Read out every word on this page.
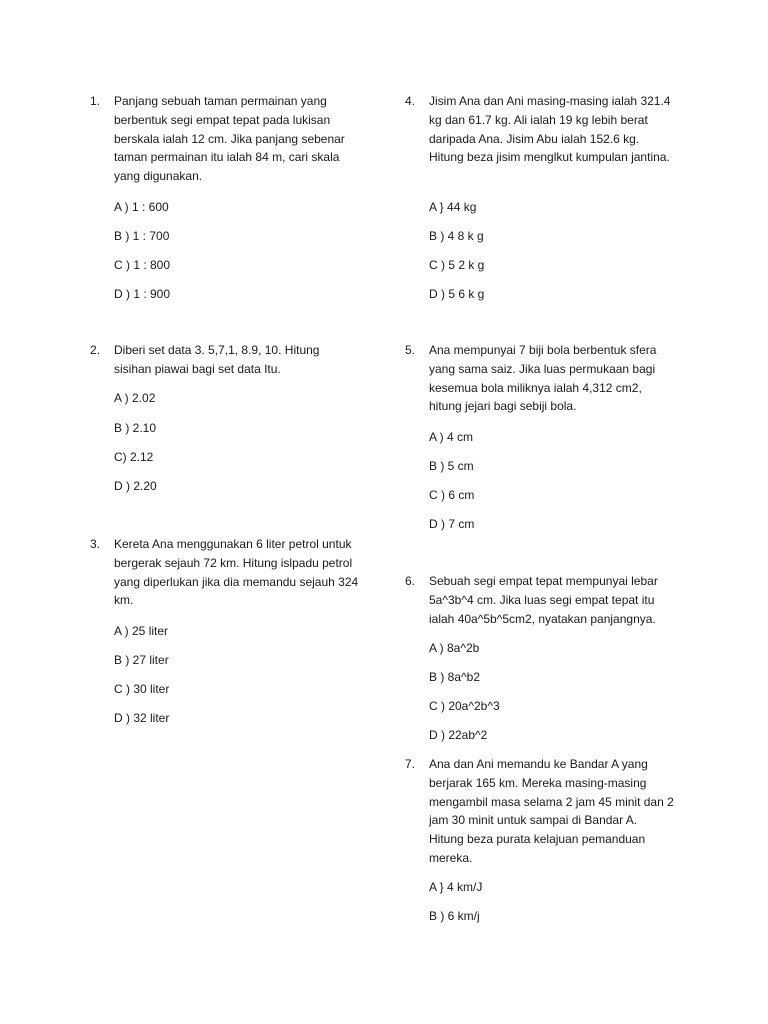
1.	Panjang sebuah taman permainan yang berbentuk segi empat tepat pada lukisan berskala ialah 12 cm. Jika panjang sebenar taman permainan itu ialah 84 m, cari skala yang digunakan.
A ) 1 : 600
B ) 1 : 700
C ) 1 : 800
D ) 1 : 900
2.	Diberi set data 3. 5,7,1, 8.9, 10. Hitung sisihan piawai bagi set data Itu.
A ) 2.02
B ) 2.10
C) 2.12
D ) 2.20
3.	Kereta Ana menggunakan 6 liter petrol untuk bergerak sejauh 72 km. Hitung islpadu petrol yang diperlukan jika dia memandu sejauh 324 km.
A ) 25 liter
B ) 27 liter
C ) 30 liter
D ) 32 liter
4.	Jisim Ana dan Ani masing-masing ialah 321.4 kg dan 61.7 kg. Ali ialah 19 kg lebih berat daripada Ana. Jisim Abu ialah 152.6 kg. Hitung beza jisim menglkut kumpulan jantina.
A } 44 kg
B ) 4 8 k g
C ) 5 2 k g
D ) 5 6 k g
5.	Ana mempunyai 7 biji bola berbentuk sfera yang sama saiz. Jika luas permukaan bagi kesemua bola miliknya ialah 4,312 cm2, hitung jejari bagi sebiji bola.
A ) 4 cm
B ) 5 cm
C ) 6 cm
D ) 7 cm
6.	Sebuah segi empat tepat mempunyai lebar 5a^3b^4 cm. Jika luas segi empat tepat itu ialah 40a^5b^5cm2, nyatakan panjangnya.
A ) 8a^2b
B ) 8a^b2
C ) 20a^2b^3
D ) 22ab^2
7.	Ana dan Ani memandu ke Bandar A yang berjarak 165 km. Mereka masing-masing mengambil masa selama 2 jam 45 minit dan 2 jam 30 minit untuk sampai di Bandar A. Hitung beza purata kelajuan pemanduan mereka.
A } 4 km/J
B ) 6 km/j
